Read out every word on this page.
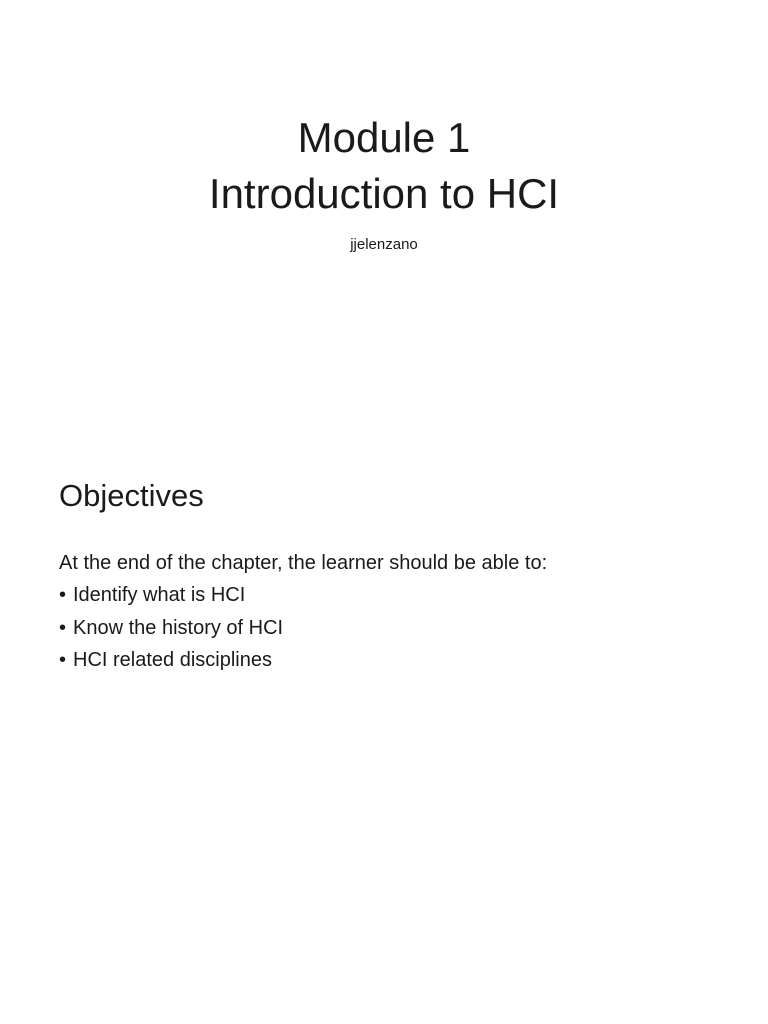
Module 1
Introduction to HCI
jjelenzano
Objectives
At the end of the chapter, the learner should be able to:
• Identify what is HCI
• Know the history of HCI
• HCI related disciplines
